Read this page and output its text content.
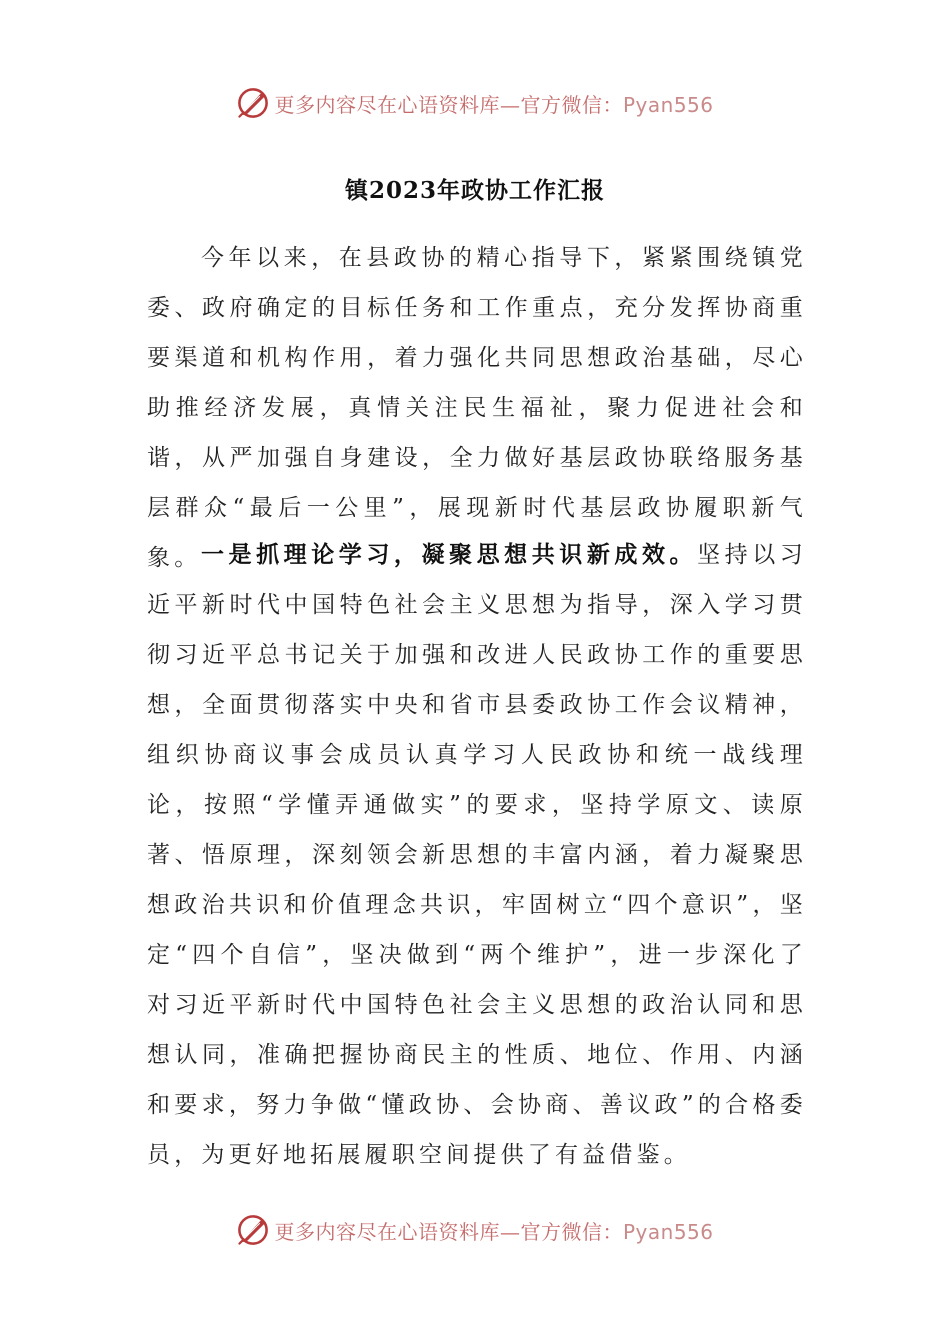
更多内容尽在心语资料库—官方微信：Pyan556
镇2023年政协工作汇报

今年以来，在县政协的精心指导下，紧紧围绕镇党委、政府确定的目标任务和工作重点，充分发挥协商重要渠道和机构作用，着力强化共同思想政治基础，尽心助推经济发展，真情关注民生福祉，聚力促进社会和谐，从严加强自身建设，全力做好基层政协联络服务基层群众“最后一公里”，展现新时代基层政协履职新气象。 一是抓理论学习，凝聚思想共识新成效。坚持以习近平新时代中国特色社会主义思想为指导，深入学习贯彻习近平总书记关于加强和改进人民政协工作的重要思想，全面贯彻落实中央和省市县委政协工作会议精神，组织协商议事会成员认真学习人民政协和统一战线理论，按照“学懂弄通做实”的要求，坚持学原文、读原著、悟原理，深刻领会新思想的丰富内涵，着力凝聚思想政治共识和价值理念共识，牢固树立“四个意识”，坚定“四个自信”，坚决做到“两个维护”，进一步深化了对习近平新时代中国特色社会主义思想的政治认同和思想认同，准确把握协商民主的性质、地位、作用、内涵和要求，努力争做“懂政协、会协商、善议政”的合格委员，为更好地拓展履职空间提供了有益借鉴。

更多内容尽在心语资料库—官方微信：Pyan556
